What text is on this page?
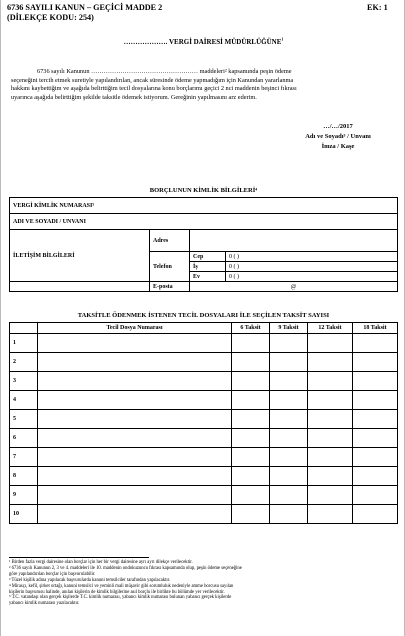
6736 SAYILI KANUN – GEÇİCİ MADDE 2
(DİLEKÇE KODU: 254)
EK: 1
………………. VERGİ DAİRESİ MÜDÜRLÜĞÜNE$^1$
6736 sayılı Kanunun …………………………………………… maddeleri² kapsamında peşin ödeme
seçeneğini tercih etmek suretiyle yapılandırılan, ancak süresinde ödeme yapmadığım için Kanundan yararlanma
hakkını kaybettiğim ve aşağıda belirttiğim tecil dosyalarına konu borçlarımı geçici 2 nci maddenin beşinci fıkrası
uyarınca aşağıda belirttiğim şekilde taksitle ödemek istiyorum. Gereğinin yapılmasını arz ederim.
…/…/2017
Adı ve Soyadı³ / Unvanı
İmza / Kaşe
BORÇLUNUN KİMLİK BİLGİLERİ⁴
VERGİ KİMLİK NUMARASI⁵			
ADI VE SOYADI / UNVANI			
İLETİŞİM BİLGİLERİ	Adres		
	Telefon	Cep	0 ( )
		İş	0 ( )
		Ev	0 ( )
	E-posta	@	
TAKSİTLE ÖDENMEK İSTENEN TECİL DOSYALARI İLE SEÇİLEN TAKSİT SAYISI
	Tecil Dosya Numarası	6 Taksit	9 Taksit	12 Taksit	18 Taksit
1					
2					
3					
4					
5					
6					
7					
8					
9					
10					
¹ Birden fazla vergi dairesine olan borçlar için her bir vergi dairesine ayrı ayrı dilekçe verilecektir.
² 6736 sayılı Kanunun 2, 3 ve 4. maddeleri ile 10. maddenin ondokuzuncu fıkrası kapsamında olup, peşin ödeme seçeneğine
göre yapılandırılan borçlar için başvurulabilir.
³ Tüzel kişilik adına yapılacak başvurularda kanuni temsilciler tarafından yapılacaktır.
⁴ Mirasçı, kefil, şirket ortağı, kanuni temsilci ve yeminli mali müşavir gibi sorumluluk nedeniyle amme borcusu sayılan
kişilerin başvurusu halinde, anılan kişilerin de kimlik bilgilerine asıl borçlu ile birlikte bu bölümde yer verilecektir.
⁵ T.C. vatandaşı olan gerçek kişilerde T.C. kimlik numarası, yabancı kimlik numarası bulunan yabancı gerçek kişilerde
yabancı kimlik numarası yazılacaktır.
